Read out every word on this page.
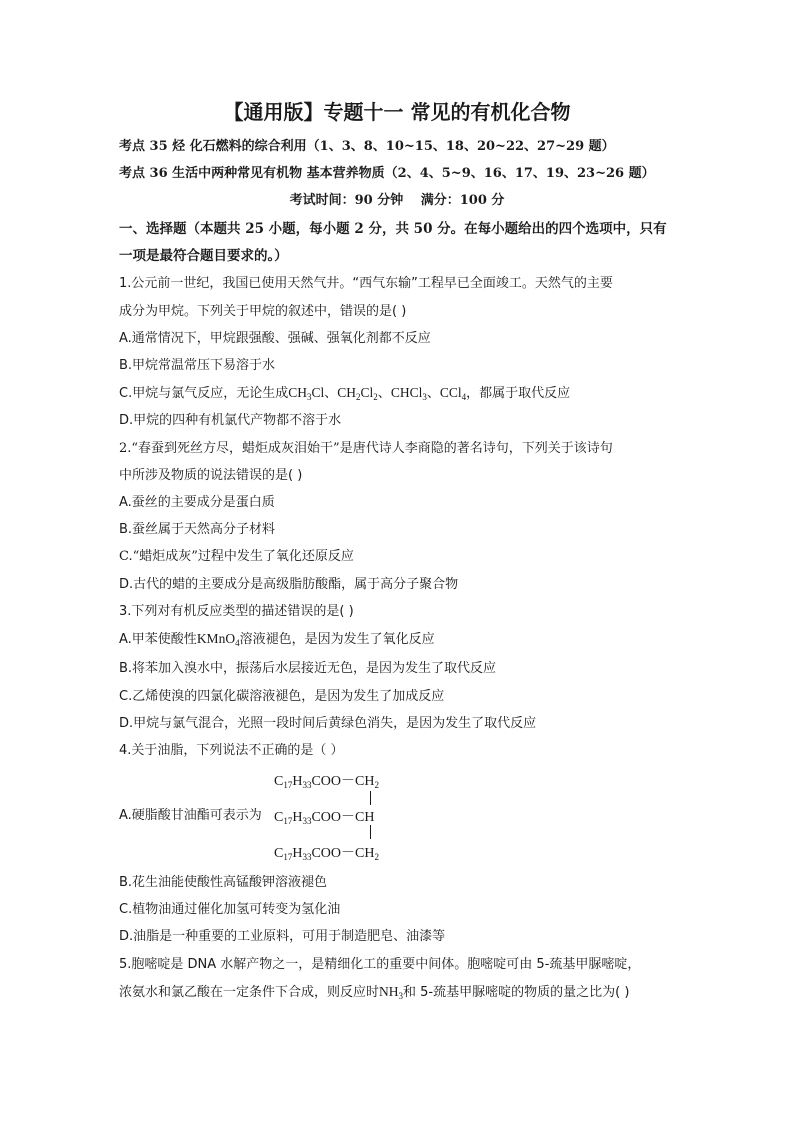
【通用版】专题十一 常见的有机化合物
考点 35 烃 化石燃料的综合利用（1、3、8、10~15、18、20~22、27~29 题）
考点 36 生活中两种常见有机物 基本营养物质（2、4、5~9、16、17、19、23~26 题）
考试时间：90 分钟　 满分：100 分
一、选择题（本题共 25 小题，每小题 2 分，共 50 分。在每小题给出的四个选项中，只有
一项是最符合题目要求的。）
1.公元前一世纪，我国已使用天然气井。“西气东输”工程早已全面竣工。天然气的主要
成分为甲烷。下列关于甲烷的叙述中，错误的是( )
A.通常情况下，甲烷跟强酸、强碱、强氧化剂都不反应
B.甲烷常温常压下易溶于水
C.甲烷与氯气反应，无论生成$CH_3Cl$、$CH_2Cl_2$、CHCl$_3$、CCl$_4$，都属于取代反应
D.甲烷的四种有机氯代产物都不溶于水
2.“春蚕到死丝方尽，蜡炬成灰泪始干”是唐代诗人李商隐的著名诗句，下列关于该诗句
中所涉及物质的说法错误的是( )
A.蚕丝的主要成分是蛋白质
B.蚕丝属于天然高分子材料
C.“蜡炬成灰”过程中发生了氧化还原反应
D.古代的蜡的主要成分是高级脂肪酸酯，属于高分子聚合物
3.下列对有机反应类型的描述错误的是( )
A.甲苯使酸性KMnO$_4$溶液褪色，是因为发生了氧化反应
B.将苯加入溴水中，振荡后水层接近无色，是因为发生了取代反应
C.乙烯使溴的四氯化碳溶液褪色，是因为发生了加成反应
D.甲烷与氯气混合，光照一段时间后黄绿色消失，是因为发生了取代反应
4.关于油脂，下列说法不正确的是（ ）
$C_{17}H_{33}COO-CH_2$
A.硬脂酸甘油酯可表示为 $C_{17}H_{33}COO-CH$
$C_{17}H_{33}COO-CH_2$
B.花生油能使酸性高锰酸钾溶液褪色
C.植物油通过催化加氢可转变为氢化油
D.油脂是一种重要的工业原料，可用于制造肥皂、油漆等
5.胞嘧啶是 DNA 水解产物之一，是精细化工的重要中间体。胞嘧啶可由 5-巯基甲脲嘧啶，
浓氨水和氯乙酸在一定条件下合成，则反应时$NH_3$和 5-巯基甲脲嘧啶的物质的量之比为( )
